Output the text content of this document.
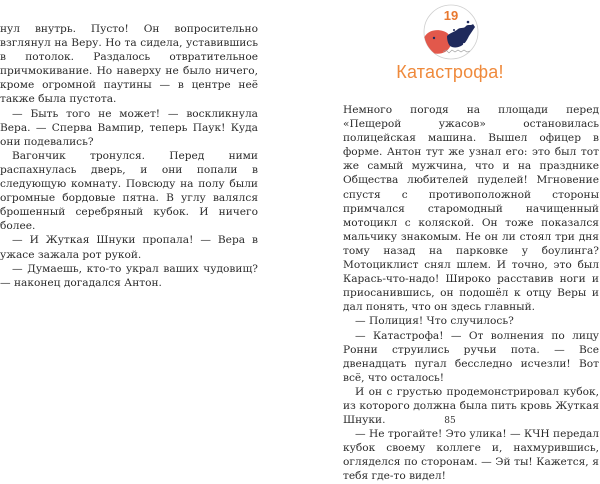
нул внутрь. Пусто! Он вопросительно взглянул на Веру. Но та сидела, уставившись в потолок. Раздалось отвратительное причмокивание. Но наверху не было ничего, кроме огромной паутины — в центре неё также была пустота.

— Быть того не может! — воскликнула Вера. — Сперва Вампир, теперь Паук! Куда они подевались?

Вагончик тронулся. Перед ними распахнулась дверь, и они попали в следующую комнату. Повсюду на полу были огромные бордовые пятна. В углу валялся брошенный серебряный кубок. И ничего более.

— И Жуткая Шнуки пропала! — Вера в ужасе зажала рот рукой.

— Думаешь, кто-то украл ваших чудовищ? — наконец догадался Антон.

Немного погодя на площади перед «Пещерой ужасов» остановилась полицейская машина. Вышел офицер в форме. Антон тут же узнал его: это был тот же самый мужчина, что и на празднике Общества любителей пуделей! Мгновение спустя с противоположной стороны примчался старомодный начищенный мотоцикл с коляской. Он тоже показался мальчику знакомым. Не он ли стоял три дня тому назад на парковке у боулинга? Мотоциклист снял шлем. И точно, это был Карась-что-надо! Широко расставив ноги и приосанившись, он подошёл к отцу Веры и дал понять, что он здесь главный.

— Полиция! Что случилось?

— Катастрофа! — От волнения по лицу Ронни струились ручьи пота. — Все двенадцать пугал бесследно исчезли! Вот всё, что осталось!

И он с грустью продемонстрировал кубок, из которого должна была пить кровь Жуткая Шнуки.

— Не трогайте! Это улика! — КЧН передал кубок своему коллеге и, нахмурившись, огляделся по сторонам. — Эй ты! Кажется, я тебя где-то видел!

19
Катастрофа!
85
